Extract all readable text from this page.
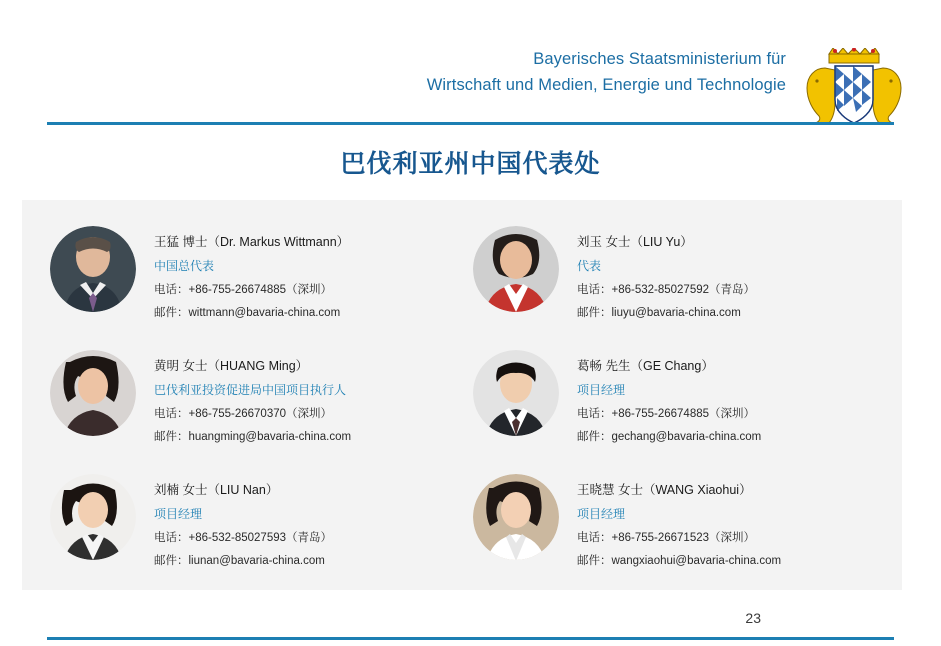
Bayerisches Staatsministerium für
Wirtschaft und Medien, Energie und Technologie
巴伐利亚州中国代表处
王猛 博士（Dr. Markus Wittmann）
中国总代表
电话：+86-755-26674885（深圳）
邮件：wittmann@bavaria-china.com
刘玉 女士（LIU Yu）
代表
电话：+86-532-85027592（青岛）
邮件：liuyu@bavaria-china.com
黄明 女士（HUANG Ming）
巴伐利亚投资促进局中国项目执行人
电话：+86-755-26670370（深圳）
邮件：huangming@bavaria-china.com
葛畅 先生（GE Chang）
项目经理
电话：+86-755-26674885（深圳）
邮件：gechang@bavaria-china.com
刘楠 女士（LIU Nan）
项目经理
电话：+86-532-85027593（青岛）
邮件：liunan@bavaria-china.com
王晓慧 女士（WANG Xiaohui）
项目经理
电话：+86-755-26671523（深圳）
邮件：wangxiaohui@bavaria-china.com
23
